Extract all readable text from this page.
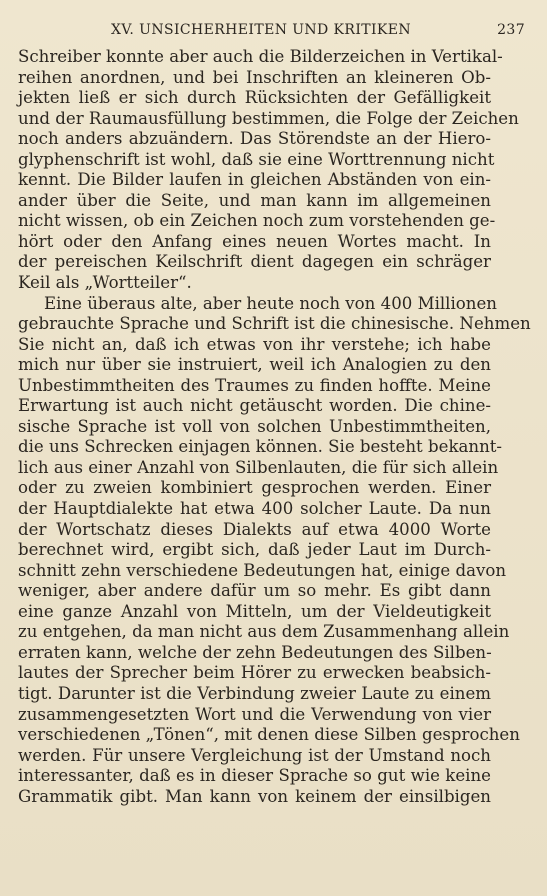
XV. UNSICHERHEITEN UND KRITIKEN	237
Schreiber konnte aber auch die Bilderzeichen in Vertikal-
reihen anordnen, und bei Inschriften an kleineren Ob-
jekten ließ er sich durch Rücksichten der Gefälligkeit
und der Raumausfüllung bestimmen, die Folge der Zeichen
noch anders abzuändern. Das Störendste an der Hiero-
glyphenschrift ist wohl, daß sie eine Worttrennung nicht
kennt. Die Bilder laufen in gleichen Abständen von ein-
ander über die Seite, und man kann im allgemeinen
nicht wissen, ob ein Zeichen noch zum vorstehenden ge-
hört oder den Anfang eines neuen Wortes macht. In
der pereischen Keilschrift dient dagegen ein schräger
Keil als „Wortteiler“.
Eine überaus alte, aber heute noch von 400 Millionen
gebrauchte Sprache und Schrift ist die chinesische. Nehmen
Sie nicht an, daß ich etwas von ihr verstehe; ich habe
mich nur über sie instruiert, weil ich Analogien zu den
Unbestimmtheiten des Traumes zu finden hoffte. Meine
Erwartung ist auch nicht getäuscht worden. Die chine-
sische Sprache ist voll von solchen Unbestimmtheiten,
die uns Schrecken einjagen können. Sie besteht bekannt-
lich aus einer Anzahl von Silbenlauten, die für sich allein
oder zu zweien kombiniert gesprochen werden. Einer
der Hauptdialekte hat etwa 400 solcher Laute. Da nun
der Wortschatz dieses Dialekts auf etwa 4000 Worte
berechnet wird, ergibt sich, daß jeder Laut im Durch-
schnitt zehn verschiedene Bedeutungen hat, einige davon
weniger, aber andere dafür um so mehr. Es gibt dann
eine ganze Anzahl von Mitteln, um der Vieldeutigkeit
zu entgehen, da man nicht aus dem Zusammenhang allein
erraten kann, welche der zehn Bedeutungen des Silben-
lautes der Sprecher beim Hörer zu erwecken beabsich-
tigt. Darunter ist die Verbindung zweier Laute zu einem
zusammengesetzten Wort und die Verwendung von vier
verschiedenen „Tönen“, mit denen diese Silben gesprochen
werden. Für unsere Vergleichung ist der Umstand noch
interessanter, daß es in dieser Sprache so gut wie keine
Grammatik gibt. Man kann von keinem der einsilbigen
